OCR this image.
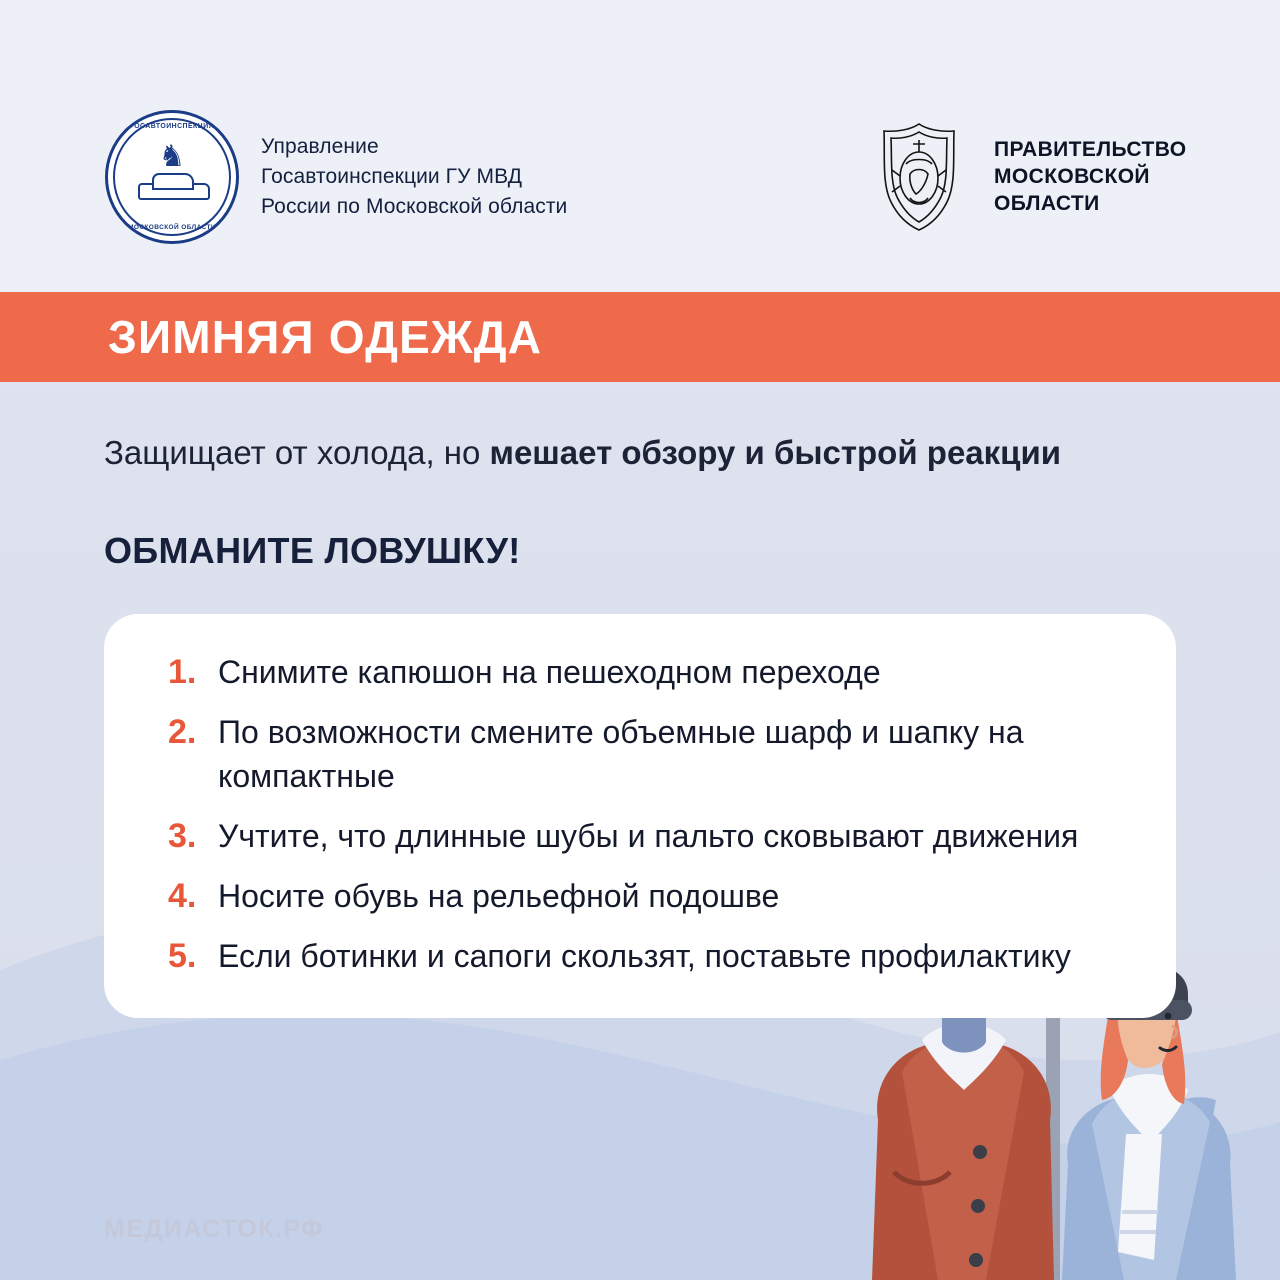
ГОСАВТОИНСПЕКЦИЯ
♞
МОСКОВСКОЙ ОБЛАСТИ
Управление
Госавтоинспекции ГУ МВД
России по Московской области
ПРАВИТЕЛЬСТВО
МОСКОВСКОЙ
ОБЛАСТИ
ЗИМНЯЯ ОДЕЖДА

Защищает от холода, но мешает обзору и быстрой реакции

ОБМАНИТЕ ЛОВУШКУ!
1. Снимите капюшон на пешеходном переходе
2. По возможности смените объемные шарф и шапку на компактные
3. Учтите, что длинные шубы и пальто сковывают движения
4. Носите обувь на рельефной подошве
5. Если ботинки и сапоги скользят, поставьте профилактику
МЕДИАСТОК.РФ
